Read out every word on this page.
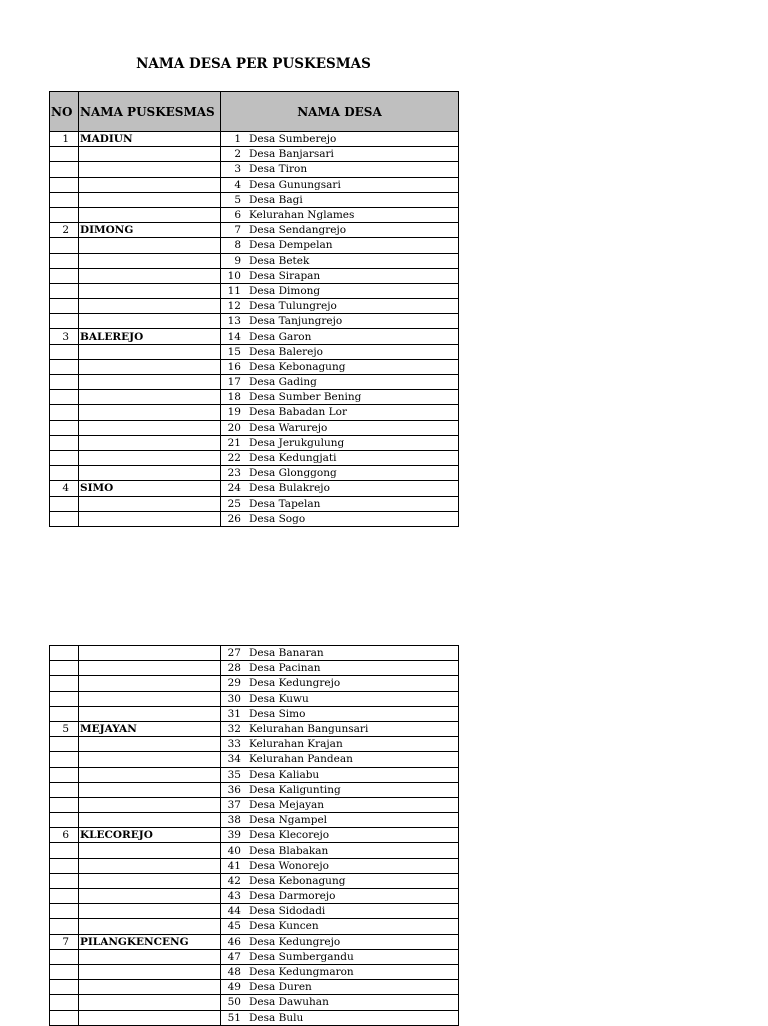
NAMA DESA PER PUSKESMAS
NO	NAMA PUSKESMAS	NAMA DESA
1	MADIUN	1 Desa Sumberejo
		2 Desa Banjarsari
		3 Desa Tiron
		4 Desa Gunungsari
		5 Desa Bagi
		6 Kelurahan Nglames
2	DIMONG	7 Desa Sendangrejo
		8 Desa Dempelan
		9 Desa Betek
		10 Desa Sirapan
		11 Desa Dimong
		12 Desa Tulungrejo
		13 Desa Tanjungrejo
3	BALEREJO	14 Desa Garon
		15 Desa Balerejo
		16 Desa Kebonagung
		17 Desa Gading
		18 Desa Sumber Bening
		19 Desa Babadan Lor
		20 Desa Warurejo
		21 Desa Jerukgulung
		22 Desa Kedungjati
		23 Desa Glonggong
4	SIMO	24 Desa Bulakrejo
		25 Desa Tapelan
		26 Desa Sogo
		27 Desa Banaran
		28 Desa Pacinan
		29 Desa Kedungrejo
		30 Desa Kuwu
		31 Desa Simo
5	MEJAYAN	32 Kelurahan Bangunsari
		33 Kelurahan Krajan
		34 Kelurahan Pandean
		35 Desa Kaliabu
		36 Desa Kaligunting
		37 Desa Mejayan
		38 Desa Ngampel
6	KLECOREJO	39 Desa Klecorejo
		40 Desa Blabakan
		41 Desa Wonorejo
		42 Desa Kebonagung
		43 Desa Darmorejo
		44 Desa Sidodadi
		45 Desa Kuncen
7	PILANGKENCENG	46 Desa Kedungrejo
		47 Desa Sumbergandu
		48 Desa Kedungmaron
		49 Desa Duren
		50 Desa Dawuhan
		51 Desa Bulu
